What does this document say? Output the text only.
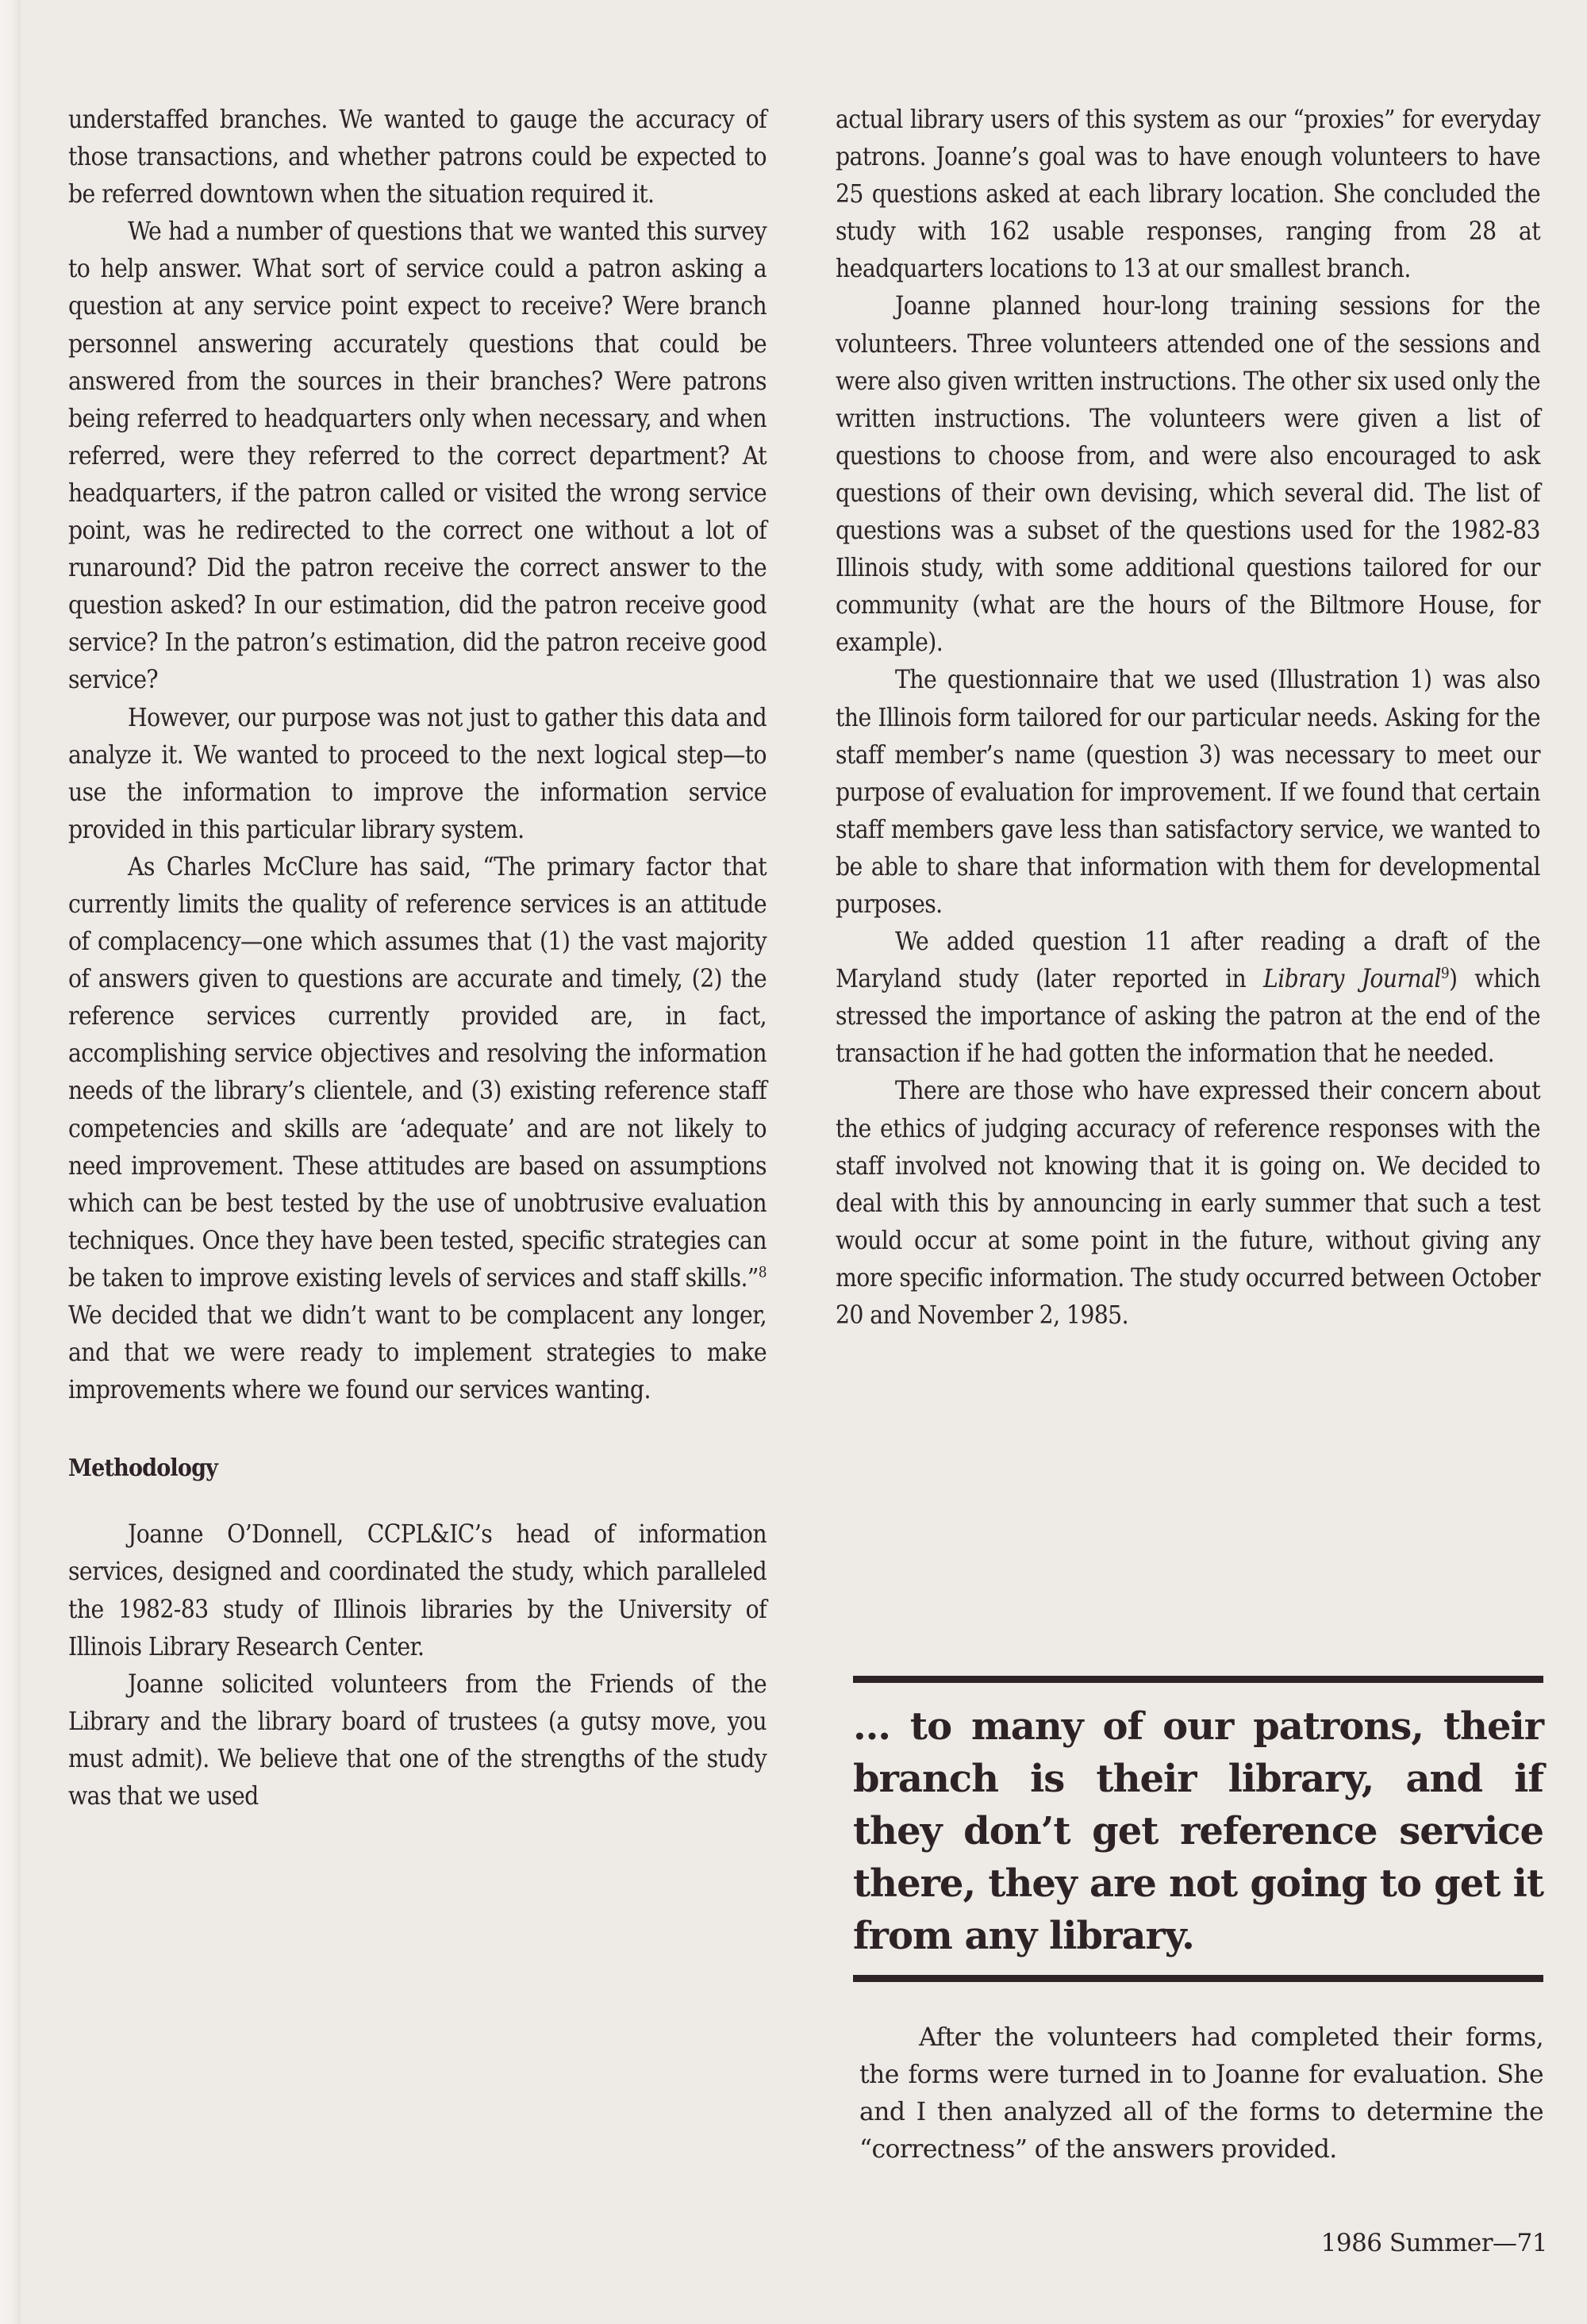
understaffed branches. We wanted to gauge the accuracy of those transactions, and whether patrons could be expected to be referred downtown when the situation required it.

We had a number of questions that we wanted this survey to help answer. What sort of service could a patron asking a question at any service point expect to receive? Were branch personnel answering accurately questions that could be answered from the sources in their branches? Were patrons being referred to headquarters only when necessary, and when referred, were they referred to the correct department? At headquarters, if the patron called or visited the wrong service point, was he redirected to the correct one without a lot of runaround? Did the patron receive the correct answer to the question asked? In our estimation, did the patron receive good service? In the patron’s estimation, did the patron receive good service?

However, our purpose was not just to gather this data and analyze it. We wanted to proceed to the next logical step—to use the information to improve the information service provided in this particular library system.

As Charles McClure has said, “The primary factor that currently limits the quality of reference services is an attitude of complacency—one which assumes that (1) the vast majority of answers given to questions are accurate and timely, (2) the reference services currently provided are, in fact, accomplishing service objectives and resolving the information needs of the library’s clientele, and (3) existing reference staff competencies and skills are ‘adequate’ and are not likely to need improvement. These attitudes are based on assumptions which can be best tested by the use of unobtrusive evaluation techniques. Once they have been tested, specific strategies can be taken to improve existing levels of services and staff skills.”$^8$ We decided that we didn’t want to be complacent any longer, and that we were ready to implement strategies to make improvements where we found our services wanting.

Methodology

Joanne O’Donnell, CCPL&IC’s head of information services, designed and coordinated the study, which paralleled the 1982-83 study of Illinois libraries by the University of Illinois Library Research Center.

Joanne solicited volunteers from the Friends of the Library and the library board of trustees (a gutsy move, you must admit). We believe that one of the strengths of the study was that we used

actual library users of this system as our “proxies” for everyday patrons. Joanne’s goal was to have enough volunteers to have 25 questions asked at each library location. She concluded the study with 162 usable responses, ranging from 28 at headquarters locations to 13 at our smallest branch.

Joanne planned hour-long training sessions for the volunteers. Three volunteers attended one of the sessions and were also given written instructions. The other six used only the written instructions. The volunteers were given a list of questions to choose from, and were also encouraged to ask questions of their own devising, which several did. The list of questions was a subset of the questions used for the 1982-83 Illinois study, with some additional questions tailored for our community (what are the hours of the Biltmore House, for example).

The questionnaire that we used (Illustration 1) was also the Illinois form tailored for our particular needs. Asking for the staff member’s name (question 3) was necessary to meet our purpose of evaluation for improvement. If we found that certain staff members gave less than satisfactory service, we wanted to be able to share that information with them for developmental purposes.

We added question 11 after reading a draft of the Maryland study (later reported in Library Journal$^9$) which stressed the importance of asking the patron at the end of the transaction if he had gotten the information that he needed.

There are those who have expressed their concern about the ethics of judging accuracy of reference responses with the staff involved not knowing that it is going on. We decided to deal with this by announcing in early summer that such a test would occur at some point in the future, without giving any more specific information. The study occurred between October 20 and November 2, 1985.

… to many of our patrons, their branch is their library, and if they don’t get reference service there, they are not going to get it from any library.

After the volunteers had completed their forms, the forms were turned in to Joanne for evaluation. She and I then analyzed all of the forms to determine the “correctness” of the answers provided.

1986 Summer—71
